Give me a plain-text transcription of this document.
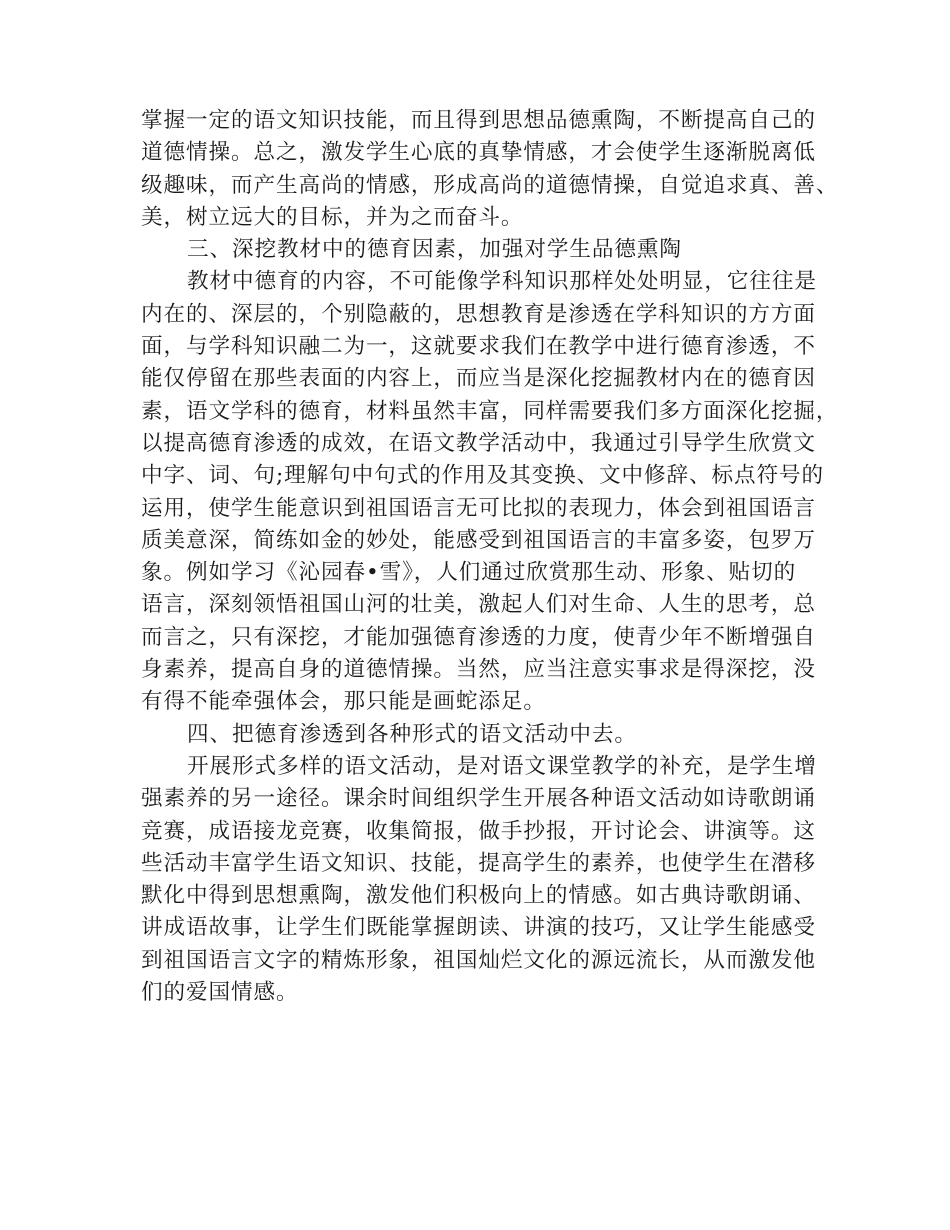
掌握一定的语文知识技能，而且得到思想品德熏陶，不断提高自己的
道德情操。总之，激发学生心底的真挚情感，才会使学生逐渐脱离低
级趣味，而产生高尚的情感，形成高尚的道德情操，自觉追求真、善、
美，树立远大的目标，并为之而奋斗。
三、深挖教材中的德育因素，加强对学生品德熏陶
教材中德育的内容，不可能像学科知识那样处处明显，它往往是
内在的、深层的，个别隐蔽的，思想教育是渗透在学科知识的方方面
面，与学科知识融二为一，这就要求我们在教学中进行德育渗透，不
能仅停留在那些表面的内容上，而应当是深化挖掘教材内在的德育因
素，语文学科的德育，材料虽然丰富，同样需要我们多方面深化挖掘，
以提高德育渗透的成效，在语文教学活动中，我通过引导学生欣赏文
中字、词、句;理解句中句式的作用及其变换、文中修辞、标点符号的
运用，使学生能意识到祖国语言无可比拟的表现力，体会到祖国语言
质美意深，简练如金的妙处，能感受到祖国语言的丰富多姿，包罗万
象。例如学习《沁园春•雪》，人们通过欣赏那生动、形象、贴切的
语言，深刻领悟祖国山河的壮美，激起人们对生命、人生的思考，总
而言之，只有深挖，才能加强德育渗透的力度，使青少年不断增强自
身素养，提高自身的道德情操。当然，应当注意实事求是得深挖，没
有得不能牵强体会，那只能是画蛇添足。
四、把德育渗透到各种形式的语文活动中去。
开展形式多样的语文活动，是对语文课堂教学的补充，是学生增
强素养的另一途径。课余时间组织学生开展各种语文活动如诗歌朗诵
竞赛，成语接龙竞赛，收集简报，做手抄报，开讨论会、讲演等。这
些活动丰富学生语文知识、技能，提高学生的素养，也使学生在潜移
默化中得到思想熏陶，激发他们积极向上的情感。如古典诗歌朗诵、
讲成语故事，让学生们既能掌握朗读、讲演的技巧，又让学生能感受
到祖国语言文字的精炼形象，祖国灿烂文化的源远流长，从而激发他
们的爱国情感。
